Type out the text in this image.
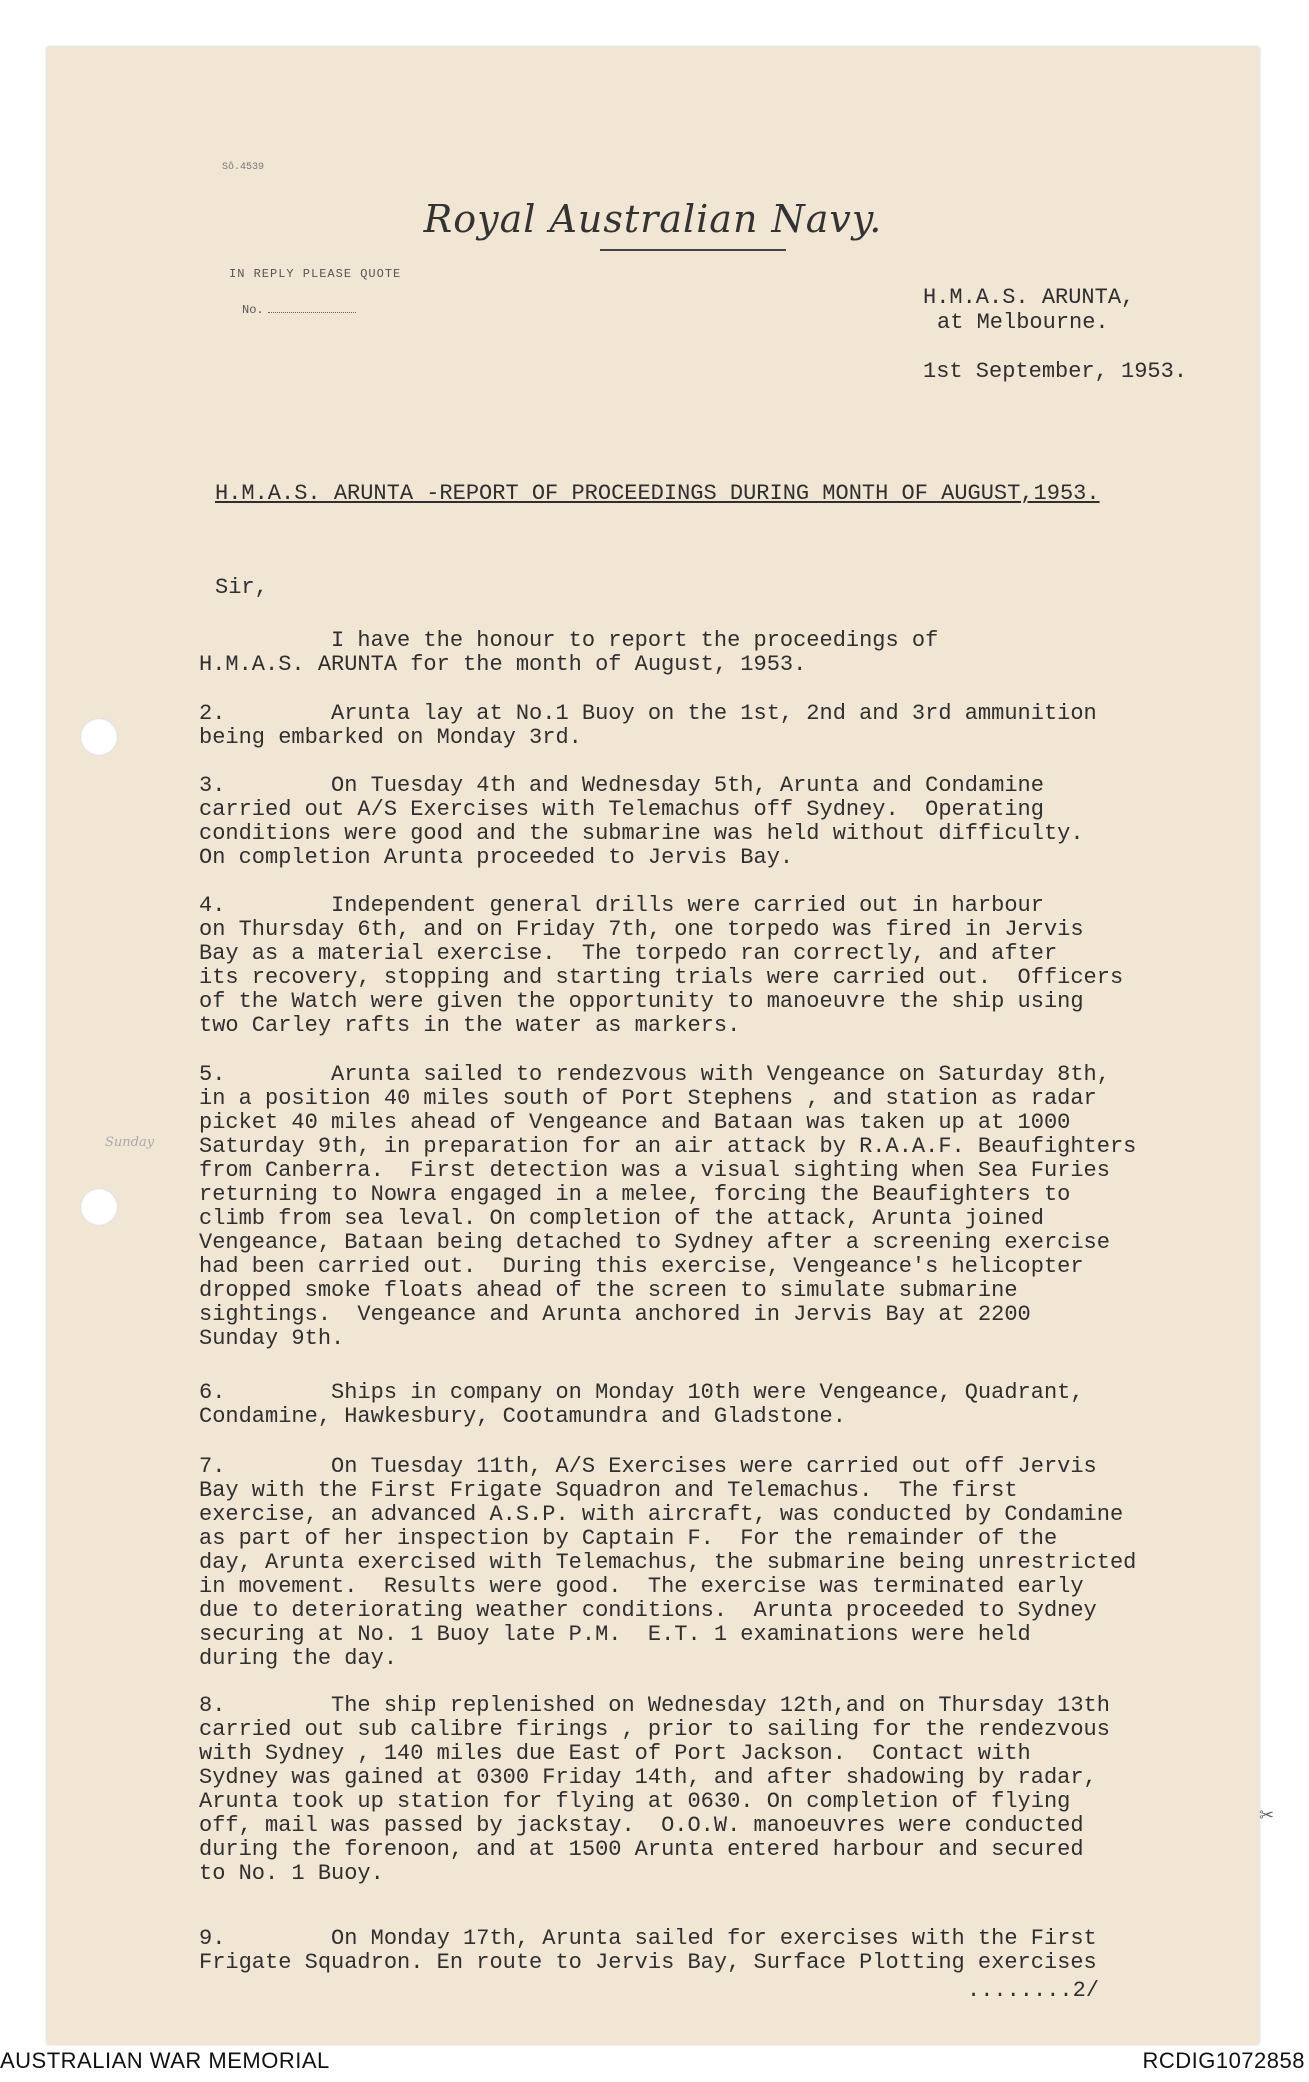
Sô.4539
Royal Australian Navy.
IN REPLY PLEASE QUOTE
No.	H.M.A.S. ARUNTA,
at Melbourne.
1st September, 1953.
H.M.A.S. ARUNTA -REPORT OF PROCEEDINGS DURING MONTH OF AUGUST,1953.
Sir,
I have the honour to report the proceedings of
H.M.A.S. ARUNTA for the month of August, 1953.
2.        Arunta lay at No.1 Buoy on the 1st, 2nd and 3rd ammunition
being embarked on Monday 3rd.
3.        On Tuesday 4th and Wednesday 5th, Arunta and Condamine
carried out A/S Exercises with Telemachus off Sydney.  Operating
conditions were good and the submarine was held without difficulty.
On completion Arunta proceeded to Jervis Bay.
4.        Independent general drills were carried out in harbour
on Thursday 6th, and on Friday 7th, one torpedo was fired in Jervis
Bay as a material exercise.  The torpedo ran correctly, and after
its recovery, stopping and starting trials were carried out.  Officers
of the Watch were given the opportunity to manoeuvre the ship using
two Carley rafts in the water as markers.
5.        Arunta sailed to rendezvous with Vengeance on Saturday 8th,
in a position 40 miles south of Port Stephens , and station as radar
picket 40 miles ahead of Vengeance and Bataan was taken up at 1000
Saturday 9th, in preparation for an air attack by R.A.A.F. Beaufighters
from Canberra.  First detection was a visual sighting when Sea Furies
returning to Nowra engaged in a melee, forcing the Beaufighters to
climb from sea leval. On completion of the attack, Arunta joined
Vengeance, Bataan being detached to Sydney after a screening exercise
had been carried out.  During this exercise, Vengeance's helicopter
dropped smoke floats ahead of the screen to simulate submarine
sightings.  Vengeance and Arunta anchored in Jervis Bay at 2200
Sunday 9th.
6.        Ships in company on Monday 10th were Vengeance, Quadrant,
Condamine, Hawkesbury, Cootamundra and Gladstone.
7.        On Tuesday 11th, A/S Exercises were carried out off Jervis
Bay with the First Frigate Squadron and Telemachus.  The first
exercise, an advanced A.S.P. with aircraft, was conducted by Condamine
as part of her inspection by Captain F.  For the remainder of the
day, Arunta exercised with Telemachus, the submarine being unrestricted
in movement.  Results were good.  The exercise was terminated early
due to deteriorating weather conditions.  Arunta proceeded to Sydney
securing at No. 1 Buoy late P.M.  E.T. 1 examinations were held
during the day.
8.        The ship replenished on Wednesday 12th,and on Thursday 13th
carried out sub calibre firings , prior to sailing for the rendezvous
with Sydney , 140 miles due East of Port Jackson.  Contact with
Sydney was gained at 0300 Friday 14th, and after shadowing by radar,
Arunta took up station for flying at 0630. On completion of flying
off, mail was passed by jackstay.  O.O.W. manoeuvres were conducted
during the forenoon, and at 1500 Arunta entered harbour and secured
to No. 1 Buoy.
9.        On Monday 17th, Arunta sailed for exercises with the First
Frigate Squadron. En route to Jervis Bay, Surface Plotting exercises
........2/
Sunday
✂
AUSTRALIAN WAR MEMORIAL	RCDIG1072858
